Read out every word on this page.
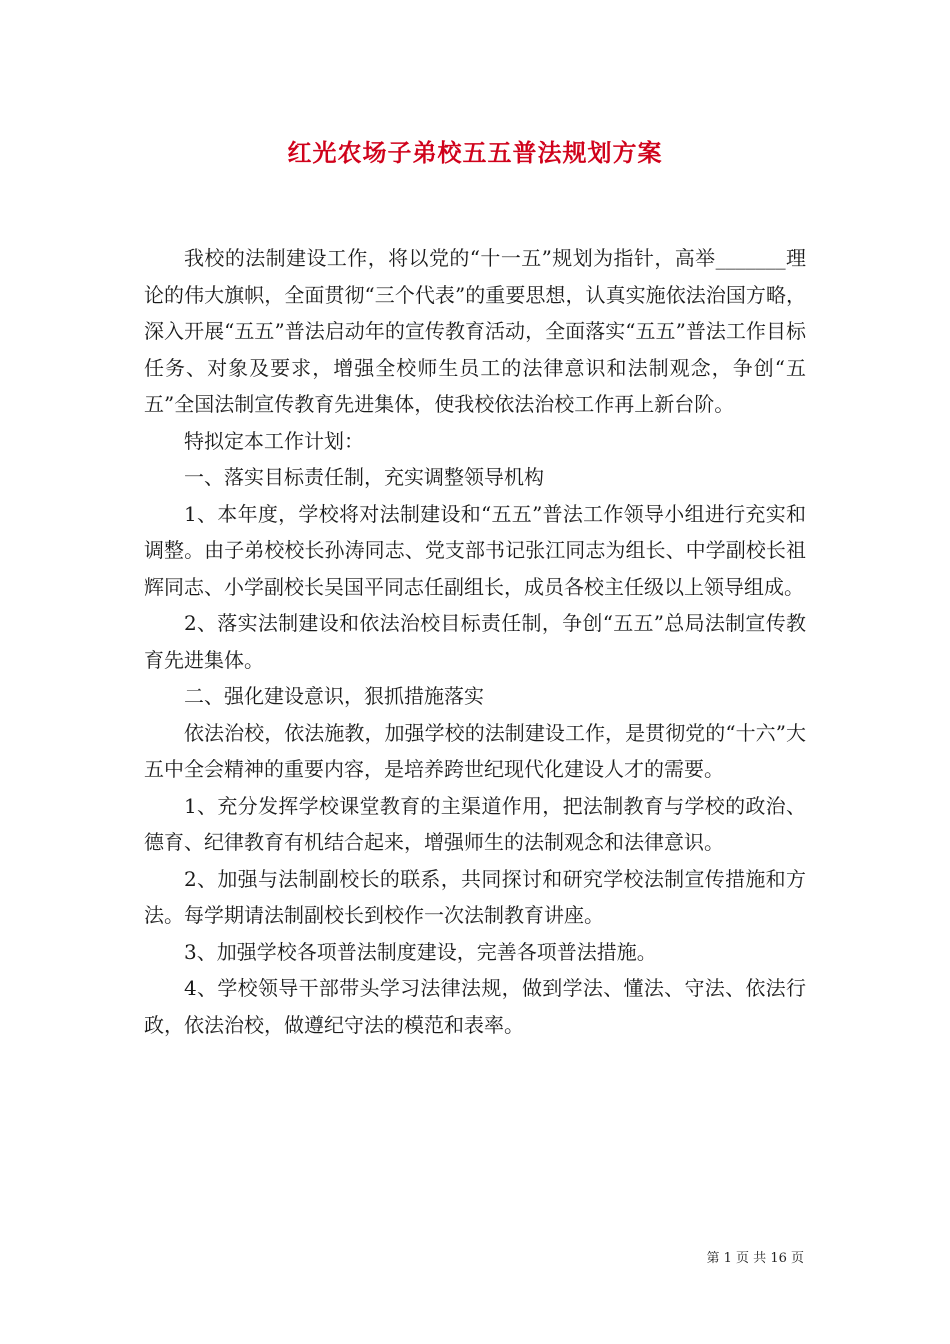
红光农场子弟校五五普法规划方案

我校的法制建设工作，将以党的“十一五”规划为指针，高举_______理论的伟大旗帜，全面贯彻“三个代表”的重要思想，认真实施依法治国方略，深入开展“五五”普法启动年的宣传教育活动，全面落实“五五”普法工作目标任务、对象及要求，增强全校师生员工的法律意识和法制观念，争创“五五”全国法制宣传教育先进集体，使我校依法治校工作再上新台阶。

特拟定本工作计划：

一、落实目标责任制，充实调整领导机构

1、本年度，学校将对法制建设和“五五”普法工作领导小组进行充实和调整。由子弟校校长孙涛同志、党支部书记张江同志为组长、中学副校长祖辉同志、小学副校长吴国平同志任副组长，成员各校主任级以上领导组成。

2、落实法制建设和依法治校目标责任制，争创“五五”总局法制宣传教育先进集体。

二、强化建设意识，狠抓措施落实

依法治校，依法施教，加强学校的法制建设工作，是贯彻党的“十六”大五中全会精神的重要内容，是培养跨世纪现代化建设人才的需要。

1、充分发挥学校课堂教育的主渠道作用，把法制教育与学校的政治、德育、纪律教育有机结合起来，增强师生的法制观念和法律意识。

2、加强与法制副校长的联系，共同探讨和研究学校法制宣传措施和方法。每学期请法制副校长到校作一次法制教育讲座。

3、加强学校各项普法制度建设，完善各项普法措施。

4、学校领导干部带头学习法律法规，做到学法、懂法、守法、依法行政，依法治校，做遵纪守法的模范和表率。

第 1 页 共 16 页
